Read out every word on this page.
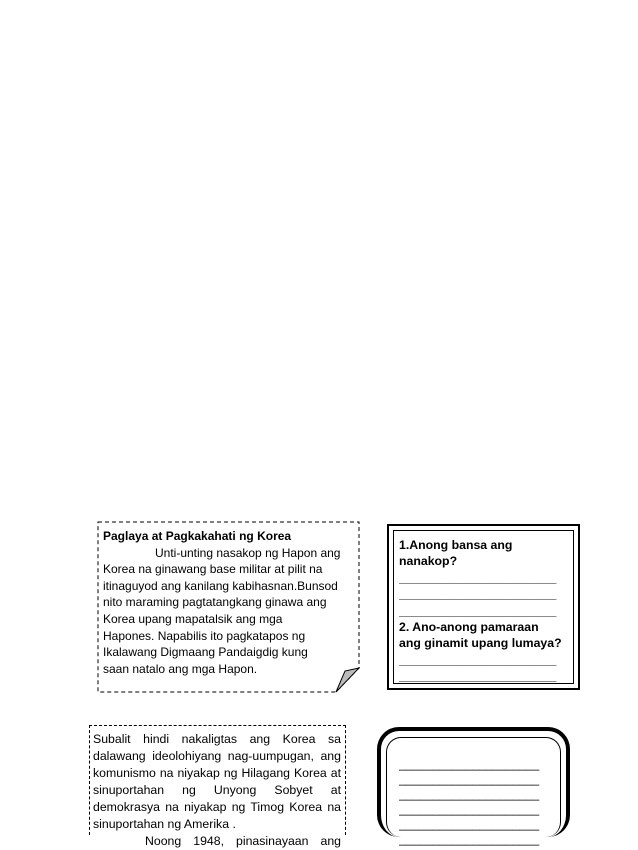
Paglaya at Pagkakahati ng Korea
Unti-unting nasakop ng Hapon ang
Korea na ginawang base militar at pilit na
itinaguyod ang kanilang kabihasnan.Bunsod
nito maraming pagtatangkang ginawa ang
Korea upang mapatalsik ang mga
Hapones. Napabilis ito pagkatapos ng
Ikalawang Digmaang Pandaigdig kung
saan natalo ang mga Hapon.
1.Anong bansa ang
nanakop?
_______________________
_______________________
_______________________
2. Ano-anong pamaraan
ang ginamit upang lumaya?
_______________________
_______________________

Subalit hindi nakaligtas ang Korea sa dalawang ideolohiyang nag-uumpugan, ang komunismo na niyakap ng Hilagang Korea at sinuportahan ng Unyong Sobyet at demokrasya na niyakap ng Timog Korea na sinuportahan ng Amerika .

Noong 1948, pinasinayaan ang

_____________________
_____________________
_____________________
_____________________
_____________________
_____________________
